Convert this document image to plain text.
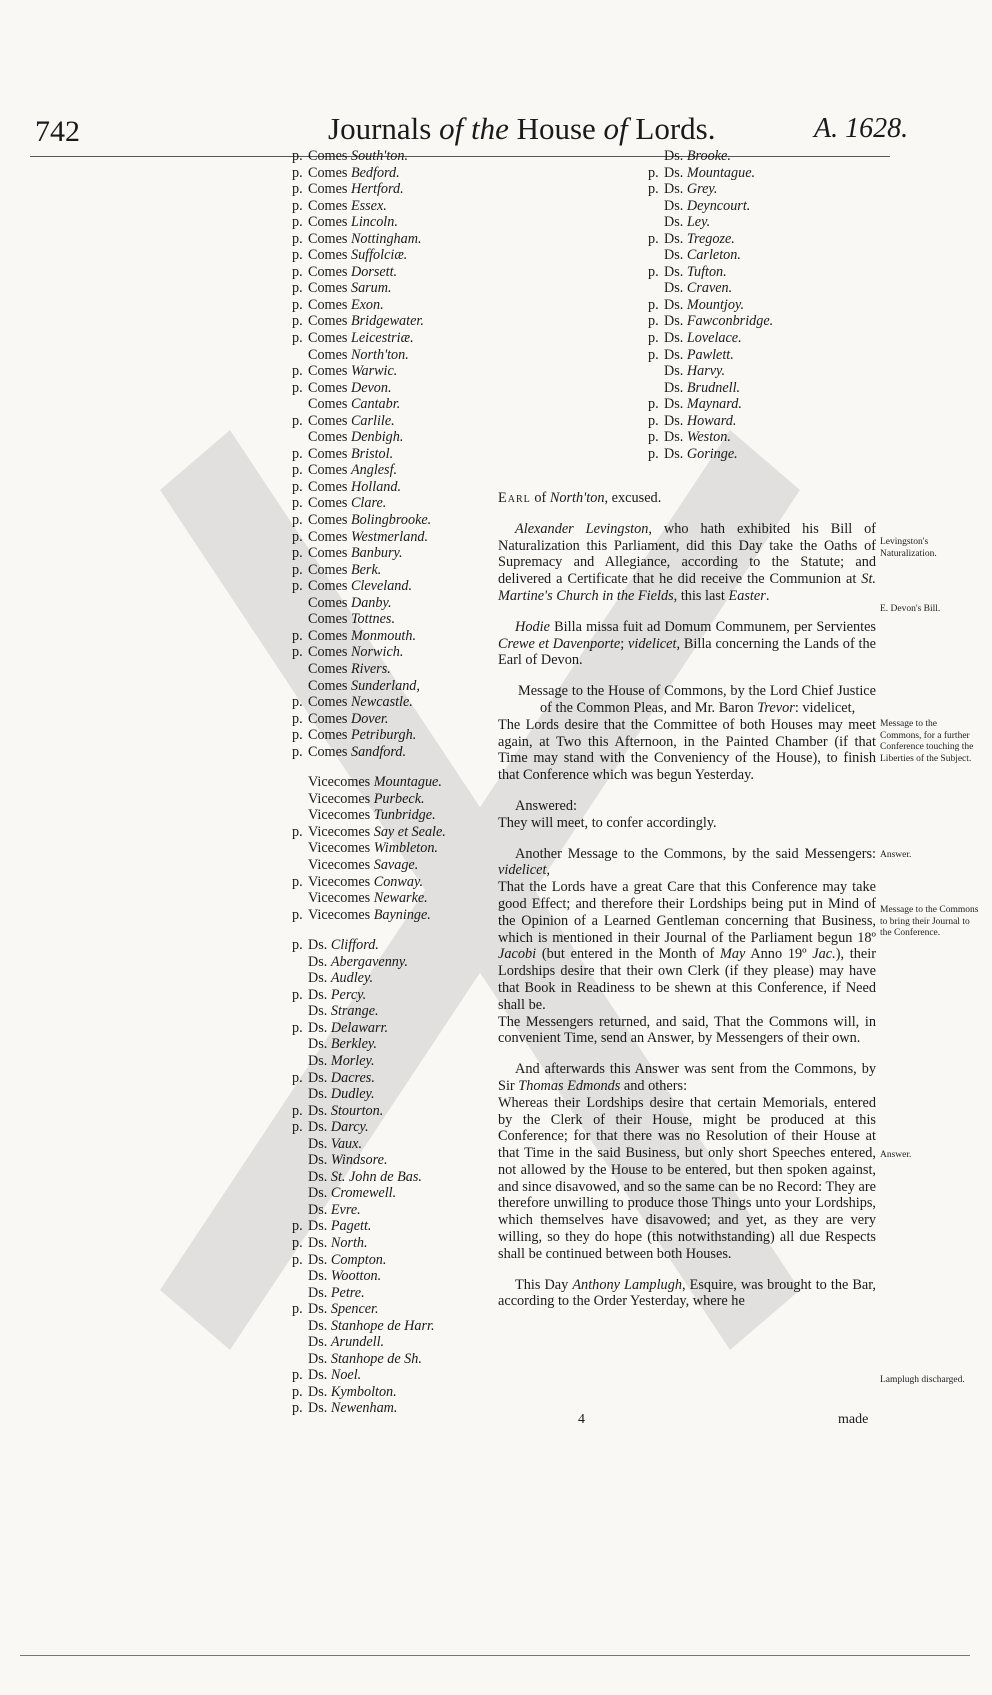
742	Journals of the House of Lords.	A. 1628.
p. Comes South'ton.
p. Comes Bedford.
p. Comes Hertford.
p. Comes Essex.
p. Comes Lincoln.
p. Comes Nottingham.
p. Comes Suffolciæ.
p. Comes Dorsett.
p. Comes Sarum.
p. Comes Exon.
p. Comes Bridgewater.
p. Comes Leicestriæ.
Comes North'ton.
p. Comes Warwic.
p. Comes Devon.
Comes Cantabr.
p. Comes Carlile.
Comes Denbigh.
p. Comes Bristol.
p. Comes Anglesf.
p. Comes Holland.
p. Comes Clare.
p. Comes Bolingbrooke.
p. Comes Westmerland.
p. Comes Banbury.
p. Comes Berk.
p. Comes Cleveland.
Comes Danby.
Comes Tottnes.
p. Comes Monmouth.
p. Comes Norwich.
Comes Rivers.
Comes Sunderland,
p. Comes Newcastle.
p. Comes Dover.
p. Comes Petriburgh.
p. Comes Sandford.
Vicecomes Mountague.
Vicecomes Purbeck.
Vicecomes Tunbridge.
p. Vicecomes Say et Seale.
Vicecomes Wimbleton.
Vicecomes Savage.
p. Vicecomes Conway.
Vicecomes Newarke.
p. Vicecomes Bayninge.
p. Ds. Clifford.
Ds. Abergavenny.
Ds. Audley.
p. Ds. Percy.
Ds. Strange.
p. Ds. Delawarr.
Ds. Berkley.
Ds. Morley.
p. Ds. Dacres.
Ds. Dudley.
p. Ds. Stourton.
p. Ds. Darcy.
Ds. Vaux.
Ds. Windsore.
Ds. St. John de Bas.
Ds. Cromewell.
Ds. Evre.
p. Ds. Pagett.
p. Ds. North.
p. Ds. Compton.
Ds. Wootton.
Ds. Petre.
p. Ds. Spencer.
Ds. Stanhope de Harr.
Ds. Arundell.
Ds. Stanhope de Sh.
p. Ds. Noel.
p. Ds. Kymbolton.
p. Ds. Newenham.
Ds. Brooke.
p. Ds. Mountague.
p. Ds. Grey.
Ds. Deyncourt.
Ds. Ley.
p. Ds. Tregoze.
Ds. Carleton.
p. Ds. Tufton.
Ds. Craven.
p. Ds. Mountjoy.
p. Ds. Fawconbridge.
p. Ds. Lovelace.
p. Ds. Pawlett.
Ds. Harvy.
Ds. Brudnell.
p. Ds. Maynard.
p. Ds. Howard.
p. Ds. Weston.
p. Ds. Goringe.

Earl of North'ton, excused.

Alexander Levingston, who hath exhibited his Bill of Naturalization this Parliament, did this Day take the Oaths of Supremacy and Allegiance, according to the Statute; and delivered a Certificate that he did receive the Communion at St. Martine's Church in the Fields, this last Easter.

Hodie Billa missa fuit ad Domum Communem, per Servientes Crewe et Davenporte; videlicet, Billa concerning the Lands of the Earl of Devon.

Message to the House of Commons, by the Lord Chief Justice of the Common Pleas, and Mr. Baron Trevor: videlicet,

The Lords desire that the Committee of both Houses may meet again, at Two this Afternoon, in the Painted Chamber (if that Time may stand with the Conveniency of the House), to finish that Conference which was begun Yesterday.

Answered:

They will meet, to confer accordingly.

Another Message to the Commons, by the said Messengers: videlicet,

That the Lords have a great Care that this Conference may take good Effect; and therefore their Lordships being put in Mind of the Opinion of a Learned Gentleman concerning that Business, which is mentioned in their Journal of the Parliament begun 18º Jacobi (but entered in the Month of May Anno 19º Jac.), their Lordships desire that their own Clerk (if they please) may have that Book in Readiness to be shewn at this Conference, if Need shall be.

The Messengers returned, and said, That the Commons will, in convenient Time, send an Answer, by Messengers of their own.

And afterwards this Answer was sent from the Commons, by Sir Thomas Edmonds and others:

Whereas their Lordships desire that certain Memorials, entered by the Clerk of their House, might be produced at this Conference; for that there was no Resolution of their House at that Time in the said Business, but only short Speeches entered, not allowed by the House to be entered, but then spoken against, and since disavowed, and so the same can be no Record: They are therefore unwilling to produce those Things unto your Lordships, which themselves have disavowed; and yet, as they are very willing, so they do hope (this notwithstanding) all due Respects shall be continued between both Houses.

This Day Anthony Lamplugh, Esquire, was brought to the Bar, according to the Order Yesterday, where he

Levingston's Naturalization.
E. Devon's Bill.
Message to the Commons, for a further Conference touching the Liberties of the Subject.
Answer.
Message to the Commons to bring their Journal to the Conference.
Answer.
Lamplugh discharged.
4	made
